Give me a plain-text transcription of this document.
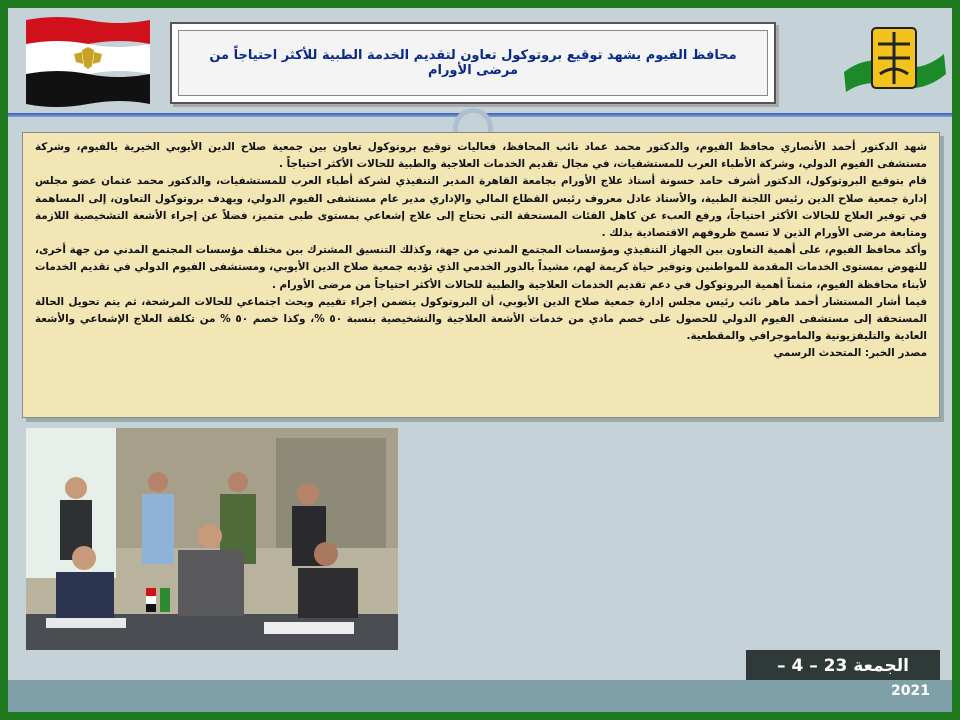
محافظ الفيوم يشهد توقيع بروتوكول تعاون لتقديم الخدمة الطبية للأكثر احتياجاً من مرضى الأورام

شهد الدكتور أحمد الأنصاري محافظ الفيوم، والدكتور محمد عماد نائب المحافظ، فعاليات توقيع بروتوكول تعاون بين جمعية صلاح الدين الأيوبي الخيرية بالفيوم، وشركة مستشفى الفيوم الدولي، وشركة الأطباء العرب للمستشفيات، في مجال تقديم الخدمات العلاجية والطبية للحالات الأكثر احتياجاً .

قام بتوقيع البروتوكول، الدكتور أشرف حامد حسونة أستاذ علاج الأورام بجامعة القاهرة المدير التنفيذي لشركة أطباء العرب للمستشفيات، والدكتور محمد عثمان عضو مجلس إدارة جمعية صلاح الدين رئيس اللجنة الطبية، والأستاذ عادل معروف رئيس القطاع المالي والإداري مدير عام مستشفى الفيوم الدولي، ويهدف بروتوكول التعاون، إلى المساهمة في توفير العلاج للحالات الأكثر احتياجاً، ورفع العبء عن كاهل الفئات المستحقة التى تحتاج إلى علاج إشعاعي بمستوى طبى متميز، فضلاً عن إجراء الأشعة التشخيصية اللازمة ومتابعة مرضى الأورام الذين لا تسمح ظروفهم الاقتصادية بذلك .

وأكد محافظ الفيوم، على أهمية التعاون بين الجهاز التنفيذي ومؤسسات المجتمع المدني من جهة، وكذلك التنسيق المشترك بين مختلف مؤسسات المجتمع المدني من جهة أخرى، للنهوض بمستوى الخدمات المقدمة للمواطنين وتوفير حياة كريمة لهم، مشيداً بالدور الخدمي الذي تؤديه جمعية صلاح الدين الأيوبي، ومستشفى الفيوم الدولي في تقديم الخدمات لأبناء محافظة الفيوم، مثمناً أهمية البروتوكول في دعم تقديم الخدمات العلاجية والطبية للحالات الأكثر احتياجاً من مرضى الأورام .

فيما أشار المستشار أحمد ماهر نائب رئيس مجلس إدارة جمعية صلاح الدين الأيوبي، أن البروتوكول يتضمن إجراء تقييم وبحث اجتماعي للحالات المرشحة، ثم يتم تحويل الحالة المستحقة إلى مستشفى الفيوم الدولي للحصول على خصم مادي من خدمات الأشعة العلاجية والتشخيصية بنسبة ٥٠ %، وكذا خصم ٥٠ % من تكلفة العلاج الإشعاعي والأشعة العادية والتليفزيونية والماموجرافي والمقطعية.

مصدر الخبر: المتحدث الرسمي

الجمعة 23 – 4 –
2021
